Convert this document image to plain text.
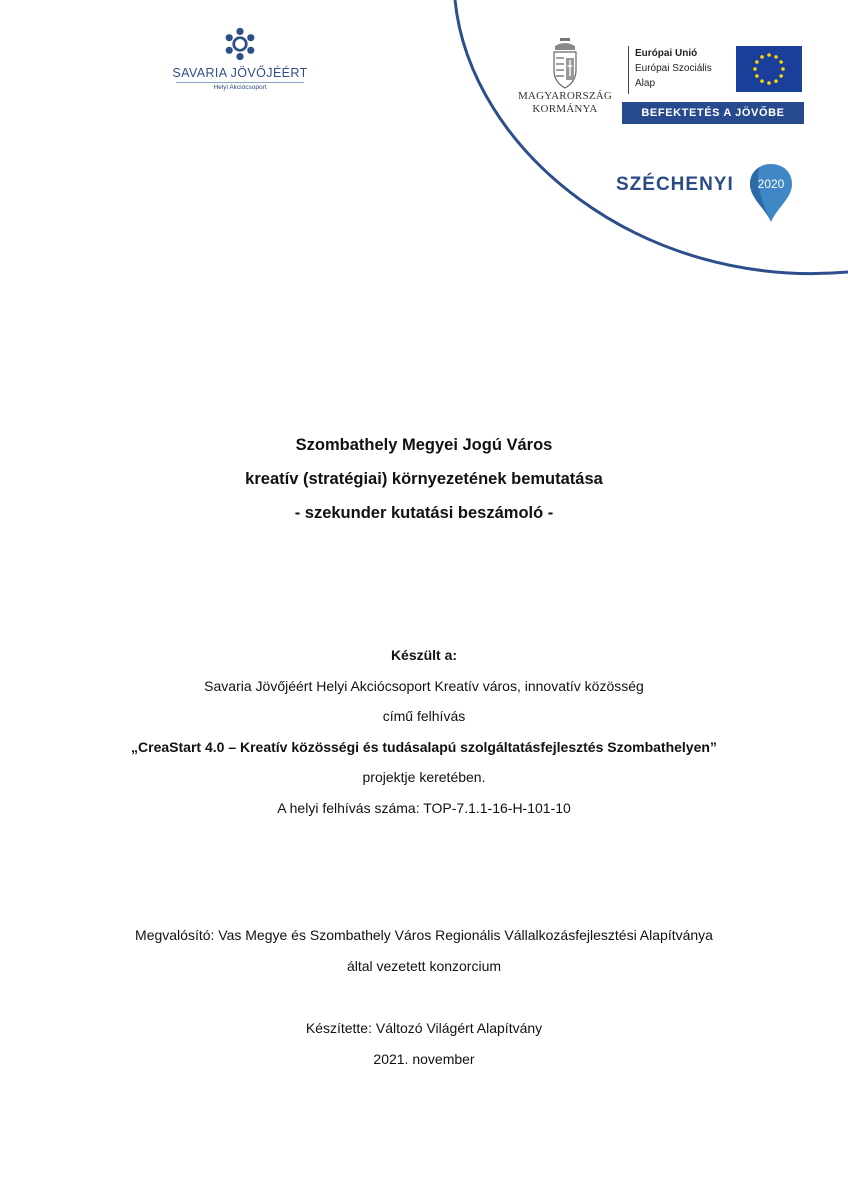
SAVARIA JÖVŐJÉÉRT
Helyi Akciócsoport
MAGYARORSZÁG
KORMÁNYA
Európai Unió
Európai Szociális
Alap
BEFEKTETÉS A JÖVŐBE
SZÉCHENYI 2020
Szombathely Megyei Jogú Város
kreatív (stratégiai) környezetének bemutatása
- szekunder kutatási beszámoló -
Készült a:
Savaria Jövőjéért Helyi Akciócsoport Kreatív város, innovatív közösség
című felhívás
„CreaStart 4.0 – Kreatív közösségi és tudásalapú szolgáltatásfejlesztés Szombathelyen”
projektje keretében.
A helyi felhívás száma: TOP-7.1.1-16-H-101-10
Megvalósító: Vas Megye és Szombathely Város Regionális Vállalkozásfejlesztési Alapítványa
által vezetett konzorcium
Készítette: Változó Világért Alapítvány
2021. november
